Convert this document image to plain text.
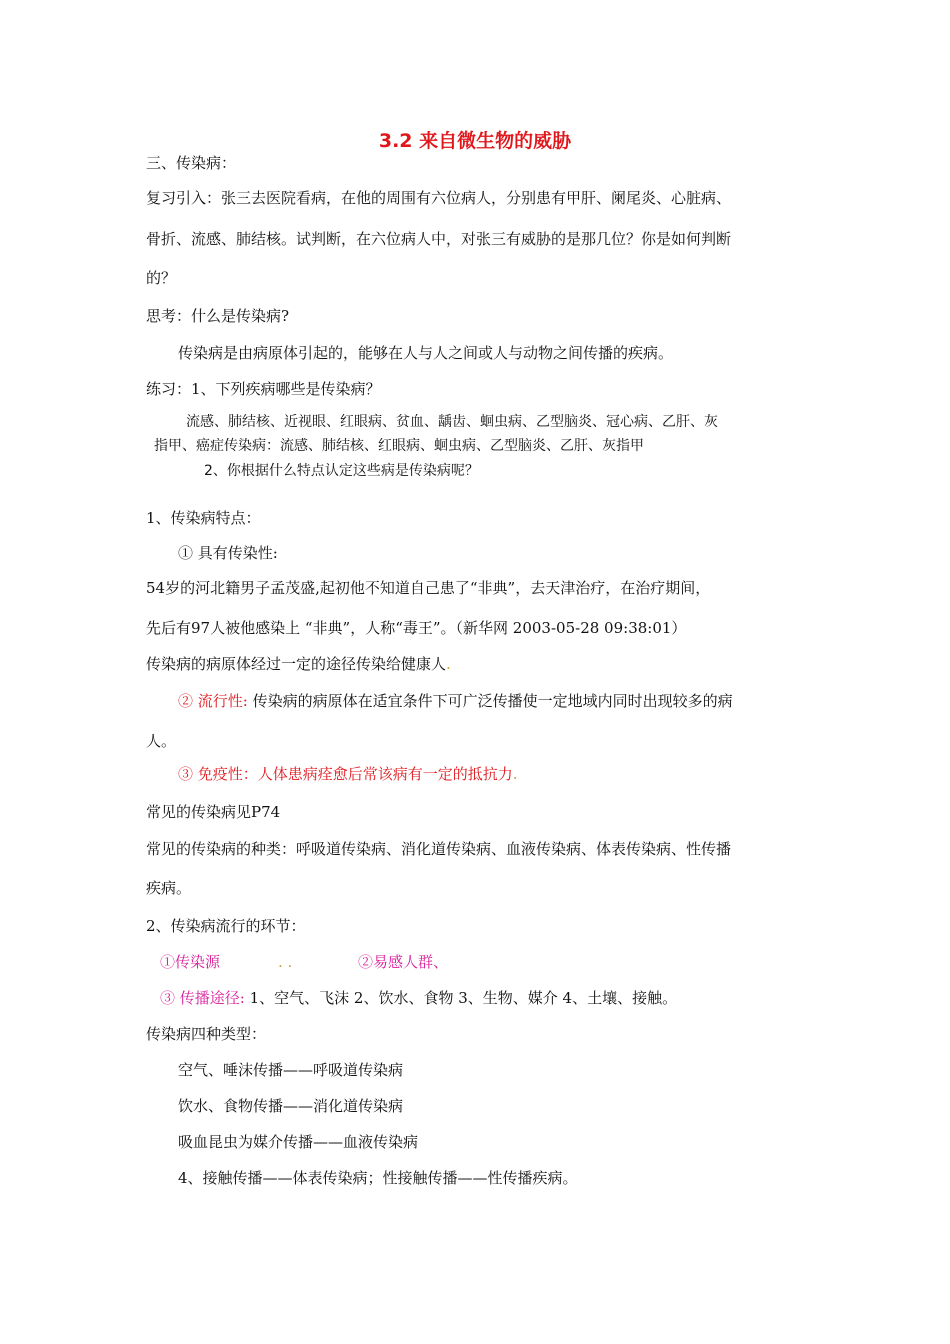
3.2 来自微生物的威胁
三、传染病：
复习引入：张三去医院看病，在他的周围有六位病人，分别患有甲肝、阑尾炎、心脏病、
骨折、流感、肺结核。试判断，在六位病人中，对张三有威胁的是那几位？你是如何判断
的？
思考：什么是传染病?
传染病是由病原体引起的，能够在人与人之间或人与动物之间传播的疾病。
练习：1、下列疾病哪些是传染病？
流感、肺结核、近视眼、红眼病、贫血、龋齿、蛔虫病、乙型脑炎、冠心病、乙肝、灰
指甲、癌症传染病：流感、肺结核、红眼病、蛔虫病、乙型脑炎、乙肝、灰指甲
2、你根据什么特点认定这些病是传染病呢？
1、传染病特点：
① 具有传染性:
54岁的河北籍男子孟茂盛,起初他不知道自己患了“非典”，去天津治疗，在治疗期间，
先后有97人被他感染上 “非典”，人称“毒王”。（新华网 2003-05-28 09:38:01）
传染病的病原体经过一定的途径传染给健康人.
② 流行性: 传染病的病原体在适宜条件下可广泛传播使一定地域内同时出现较多的病
人。
③ 免疫性：人体患病痊愈后常该病有一定的抵抗力.
常见的传染病见P74
常见的传染病的种类：呼吸道传染病、消化道传染病、血液传染病、体表传染病、性传播
疾病。
2、传染病流行的环节：
①传染源	. .	②易感人群、
③ 传播途径: 1、空气、飞沫 2、饮水、食物 3、生物、媒介 4、土壤、接触。
传染病四种类型：
空气、唾沫传播——呼吸道传染病
饮水、食物传播——消化道传染病
吸血昆虫为媒介传播——血液传染病
4、接触传播——体表传染病；性接触传播——性传播疾病。
